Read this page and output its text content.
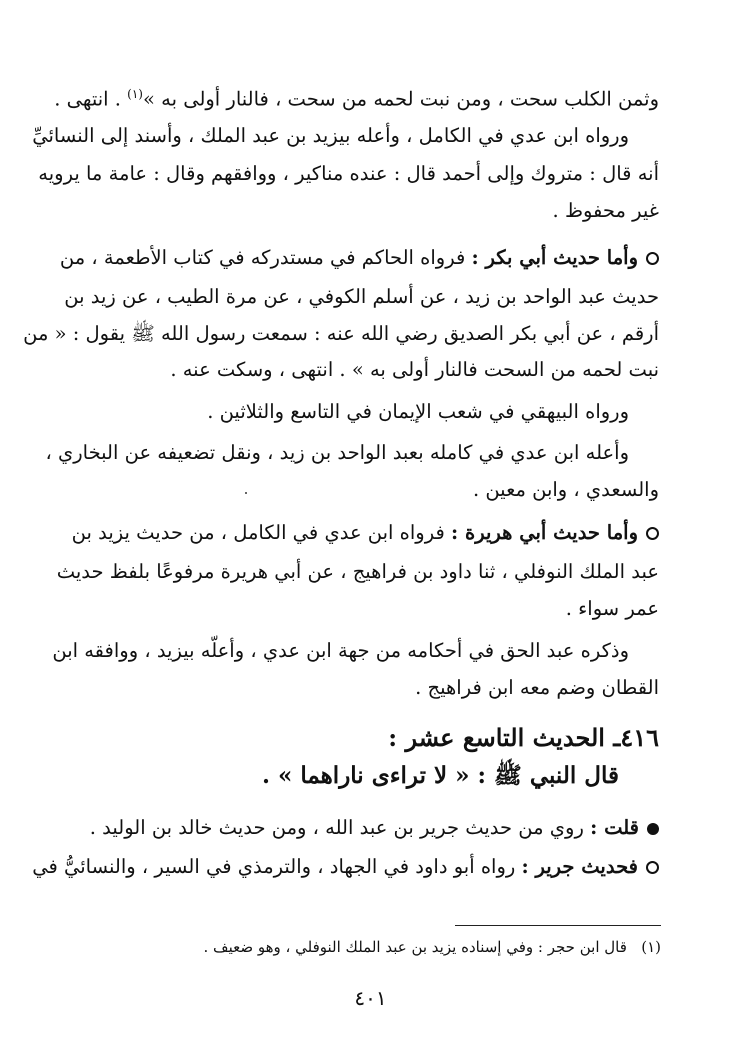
وثمن الكلب سحت ، ومن نبت لحمه من سحت ، فالنار أولى به »$^{(١)}$ . انتهى .
ورواه ابن عدي في الكامل ، وأعله بيزيد بن عبد الملك ، وأسند إلى النسائيِّ
أنه قال : متروك وإلى أحمد قال : عنده مناكير ، ووافقهم وقال : عامة ما يرويه
غير محفوظ .
وأما حديث أبي بكر : فرواه الحاكم في مستدركه في كتاب الأطعمة ، من
حديث عبد الواحد بن زيد ، عن أسلم الكوفي ، عن مرة الطيب ، عن زيد بن
أرقم ، عن أبي بكر الصديق رضي الله عنه : سمعت رسول الله ﷺ يقول : « من
نبت لحمه من السحت فالنار أولى به » . انتهى ، وسكت عنه .
ورواه البيهقي في شعب الإيمان في التاسع والثلاثين .
وأعله ابن عدي في كامله بعبد الواحد بن زيد ، ونقل تضعيفه عن البخاري ،
والسعدي ، وابن معين .
وأما حديث أبي هريرة : فرواه ابن عدي في الكامل ، من حديث يزيد بن
عبد الملك النوفلي ، ثنا داود بن فراهيج ، عن أبي هريرة مرفوعًا بلفظ حديث
عمر سواء .
وذكره عبد الحق في أحكامه من جهة ابن عدي ، وأعلّه بيزيد ، ووافقه ابن
القطان وضم معه ابن فراهيج .
٤١٦ـ الحديث التاسع عشر :
قال النبي ﷺ : « لا تراءى ناراهما » .
قلت : روي من حديث جرير بن عبد الله ، ومن حديث خالد بن الوليد .
فحديث جرير : رواه أبو داود في الجهاد ، والترمذي في السير ، والنسائيُّ في
(١)   قال ابن حجر : وفي إسناده يزيد بن عبد الملك النوفلي ، وهو ضعيف .
٤٠١
